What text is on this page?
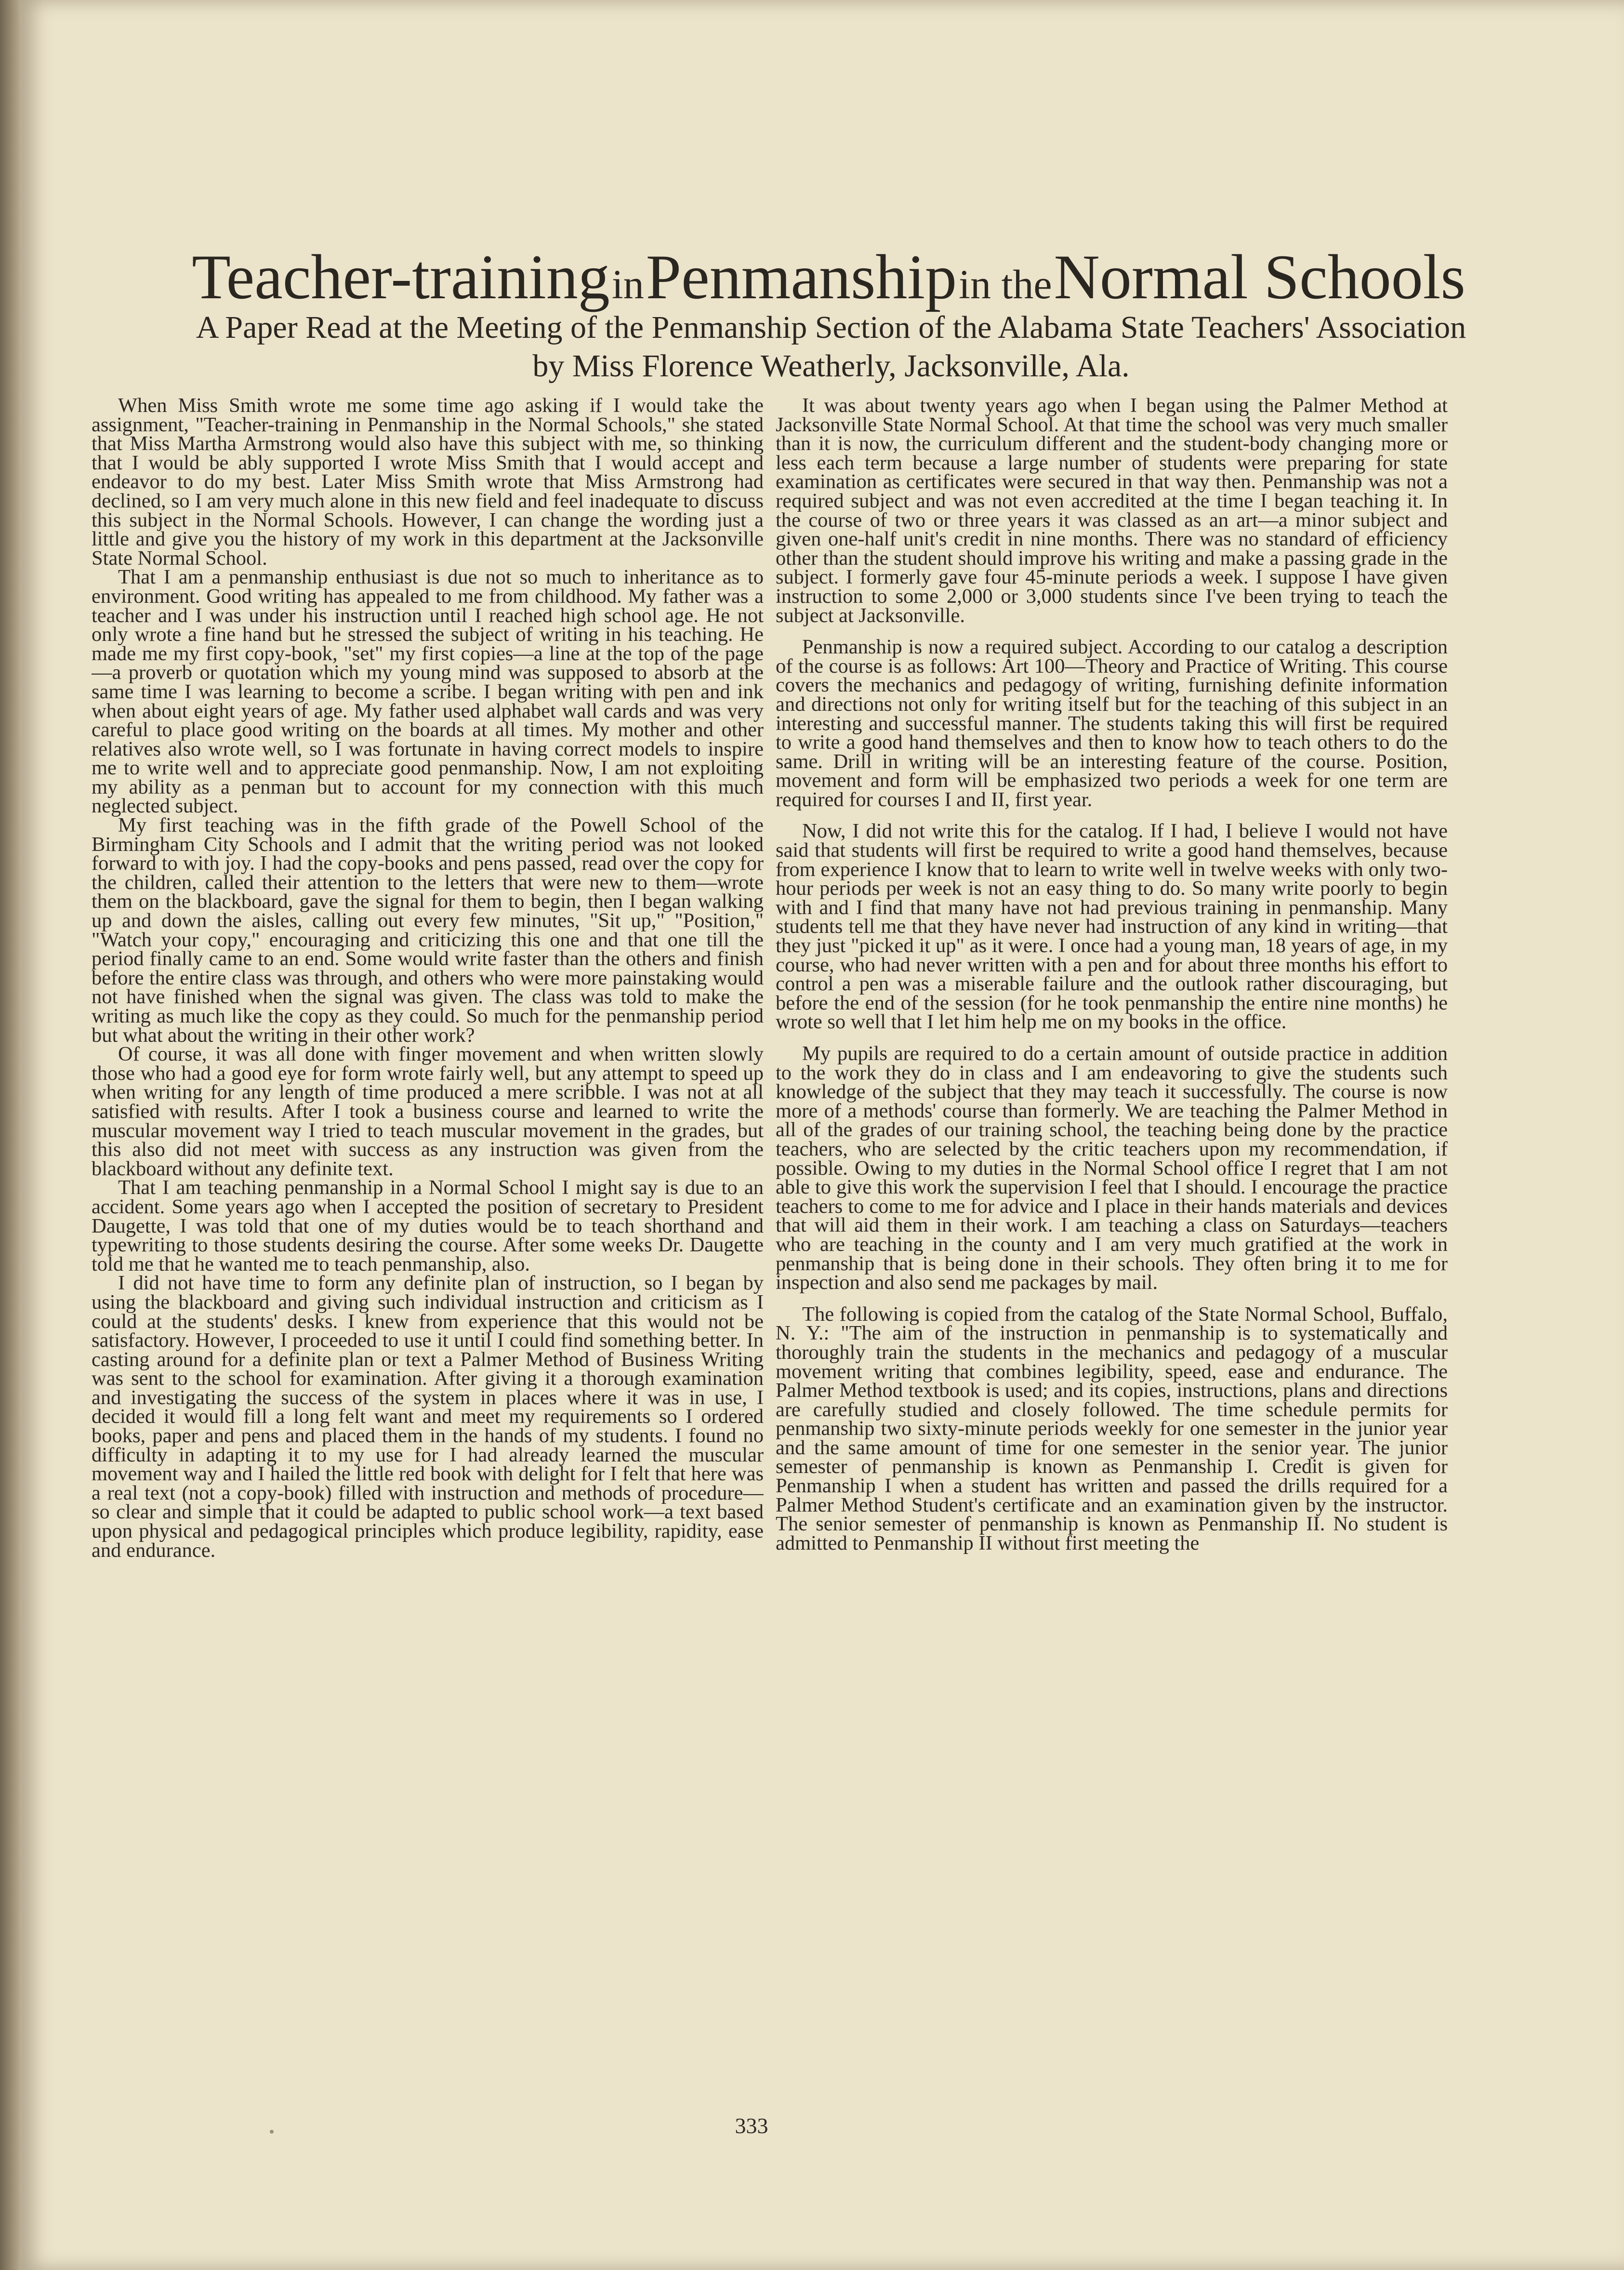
Teacher-training in Penmanship in the Normal Schools
A Paper Read at the Meeting of the Penmanship Section of the Alabama State Teachers' Association
by Miss Florence Weatherly, Jacksonville, Ala.

When Miss Smith wrote me some time ago asking if I would take the assignment, "Teacher-training in Penmanship in the Normal Schools," she stated that Miss Martha Armstrong would also have this subject with me, so thinking that I would be ably supported I wrote Miss Smith that I would accept and endeavor to do my best. Later Miss Smith wrote that Miss Armstrong had declined, so I am very much alone in this new field and feel inadequate to discuss this subject in the Normal Schools. However, I can change the wording just a little and give you the history of my work in this department at the Jacksonville State Normal School.

That I am a penmanship enthusiast is due not so much to inheritance as to environment. Good writing has appealed to me from childhood. My father was a teacher and I was under his instruction until I reached high school age. He not only wrote a fine hand but he stressed the subject of writing in his teaching. He made me my first copy-book, "set" my first copies—a line at the top of the page—a proverb or quotation which my young mind was supposed to absorb at the same time I was learning to become a scribe. I began writing with pen and ink when about eight years of age. My father used alphabet wall cards and was very careful to place good writing on the boards at all times. My mother and other relatives also wrote well, so I was fortunate in having correct models to inspire me to write well and to appreciate good penmanship. Now, I am not exploiting my ability as a penman but to account for my connection with this much neglected subject.

My first teaching was in the fifth grade of the Powell School of the Birmingham City Schools and I admit that the writing period was not looked forward to with joy. I had the copy-books and pens passed, read over the copy for the children, called their attention to the letters that were new to them—wrote them on the blackboard, gave the signal for them to begin, then I began walking up and down the aisles, calling out every few minutes, "Sit up," "Position," "Watch your copy," encouraging and criticizing this one and that one till the period finally came to an end. Some would write faster than the others and finish before the entire class was through, and others who were more painstaking would not have finished when the signal was given. The class was told to make the writing as much like the copy as they could. So much for the penmanship period but what about the writing in their other work?

Of course, it was all done with finger movement and when written slowly those who had a good eye for form wrote fairly well, but any attempt to speed up when writing for any length of time produced a mere scribble. I was not at all satisfied with results. After I took a business course and learned to write the muscular movement way I tried to teach muscular movement in the grades, but this also did not meet with success as any instruction was given from the blackboard without any definite text.

That I am teaching penmanship in a Normal School I might say is due to an accident. Some years ago when I accepted the position of secretary to President Daugette, I was told that one of my duties would be to teach shorthand and typewriting to those students desiring the course. After some weeks Dr. Daugette told me that he wanted me to teach penmanship, also.

I did not have time to form any definite plan of instruction, so I began by using the blackboard and giving such individual instruction and criticism as I could at the students' desks. I knew from experience that this would not be satisfactory. However, I proceeded to use it until I could find something better. In casting around for a definite plan or text a Palmer Method of Business Writing was sent to the school for examination. After giving it a thorough examination and investigating the success of the system in places where it was in use, I decided it would fill a long felt want and meet my requirements so I ordered books, paper and pens and placed them in the hands of my students. I found no difficulty in adapting it to my use for I had already learned the muscular movement way and I hailed the little red book with delight for I felt that here was a real text (not a copy-book) filled with instruction and methods of procedure—so clear and simple that it could be adapted to public school work—a text based upon physical and pedagogical principles which produce legibility, rapidity, ease and endurance.

It was about twenty years ago when I began using the Palmer Method at Jacksonville State Normal School. At that time the school was very much smaller than it is now, the curriculum different and the student-body changing more or less each term because a large number of students were preparing for state examination as certificates were secured in that way then. Penmanship was not a required subject and was not even accredited at the time I began teaching it. In the course of two or three years it was classed as an art—a minor subject and given one-half unit's credit in nine months. There was no standard of efficiency other than the student should improve his writing and make a passing grade in the subject. I formerly gave four 45-minute periods a week. I suppose I have given instruction to some 2,000 or 3,000 students since I've been trying to teach the subject at Jacksonville.

Penmanship is now a required subject. According to our catalog a description of the course is as follows: Art 100—Theory and Practice of Writing. This course covers the mechanics and pedagogy of writing, furnishing definite information and directions not only for writing itself but for the teaching of this subject in an interesting and successful manner. The students taking this will first be required to write a good hand themselves and then to know how to teach others to do the same. Drill in writing will be an interesting feature of the course. Position, movement and form will be emphasized two periods a week for one term are required for courses I and II, first year.

Now, I did not write this for the catalog. If I had, I believe I would not have said that students will first be required to write a good hand themselves, because from experience I know that to learn to write well in twelve weeks with only two-hour periods per week is not an easy thing to do. So many write poorly to begin with and I find that many have not had previous training in penmanship. Many students tell me that they have never had instruction of any kind in writing—that they just "picked it up" as it were. I once had a young man, 18 years of age, in my course, who had never written with a pen and for about three months his effort to control a pen was a miserable failure and the outlook rather discouraging, but before the end of the session (for he took penmanship the entire nine months) he wrote so well that I let him help me on my books in the office.

My pupils are required to do a certain amount of outside practice in addition to the work they do in class and I am endeavoring to give the students such knowledge of the subject that they may teach it successfully. The course is now more of a methods' course than formerly. We are teaching the Palmer Method in all of the grades of our training school, the teaching being done by the practice teachers, who are selected by the critic teachers upon my recommendation, if possible. Owing to my duties in the Normal School office I regret that I am not able to give this work the supervision I feel that I should. I encourage the practice teachers to come to me for advice and I place in their hands materials and devices that will aid them in their work. I am teaching a class on Saturdays—teachers who are teaching in the county and I am very much gratified at the work in penmanship that is being done in their schools. They often bring it to me for inspection and also send me packages by mail.

The following is copied from the catalog of the State Normal School, Buffalo, N. Y.: "The aim of the instruction in penmanship is to systematically and thoroughly train the students in the mechanics and pedagogy of a muscular movement writing that combines legibility, speed, ease and endurance. The Palmer Method textbook is used; and its copies, instructions, plans and directions are carefully studied and closely followed. The time schedule permits for penmanship two sixty-minute periods weekly for one semester in the junior year and the same amount of time for one semester in the senior year. The junior semester of penmanship is known as Penmanship I. Credit is given for Penmanship I when a student has written and passed the drills required for a Palmer Method Student's certificate and an examination given by the instructor. The senior semester of penmanship is known as Penmanship II. No student is admitted to Penmanship II without first meeting the

333
